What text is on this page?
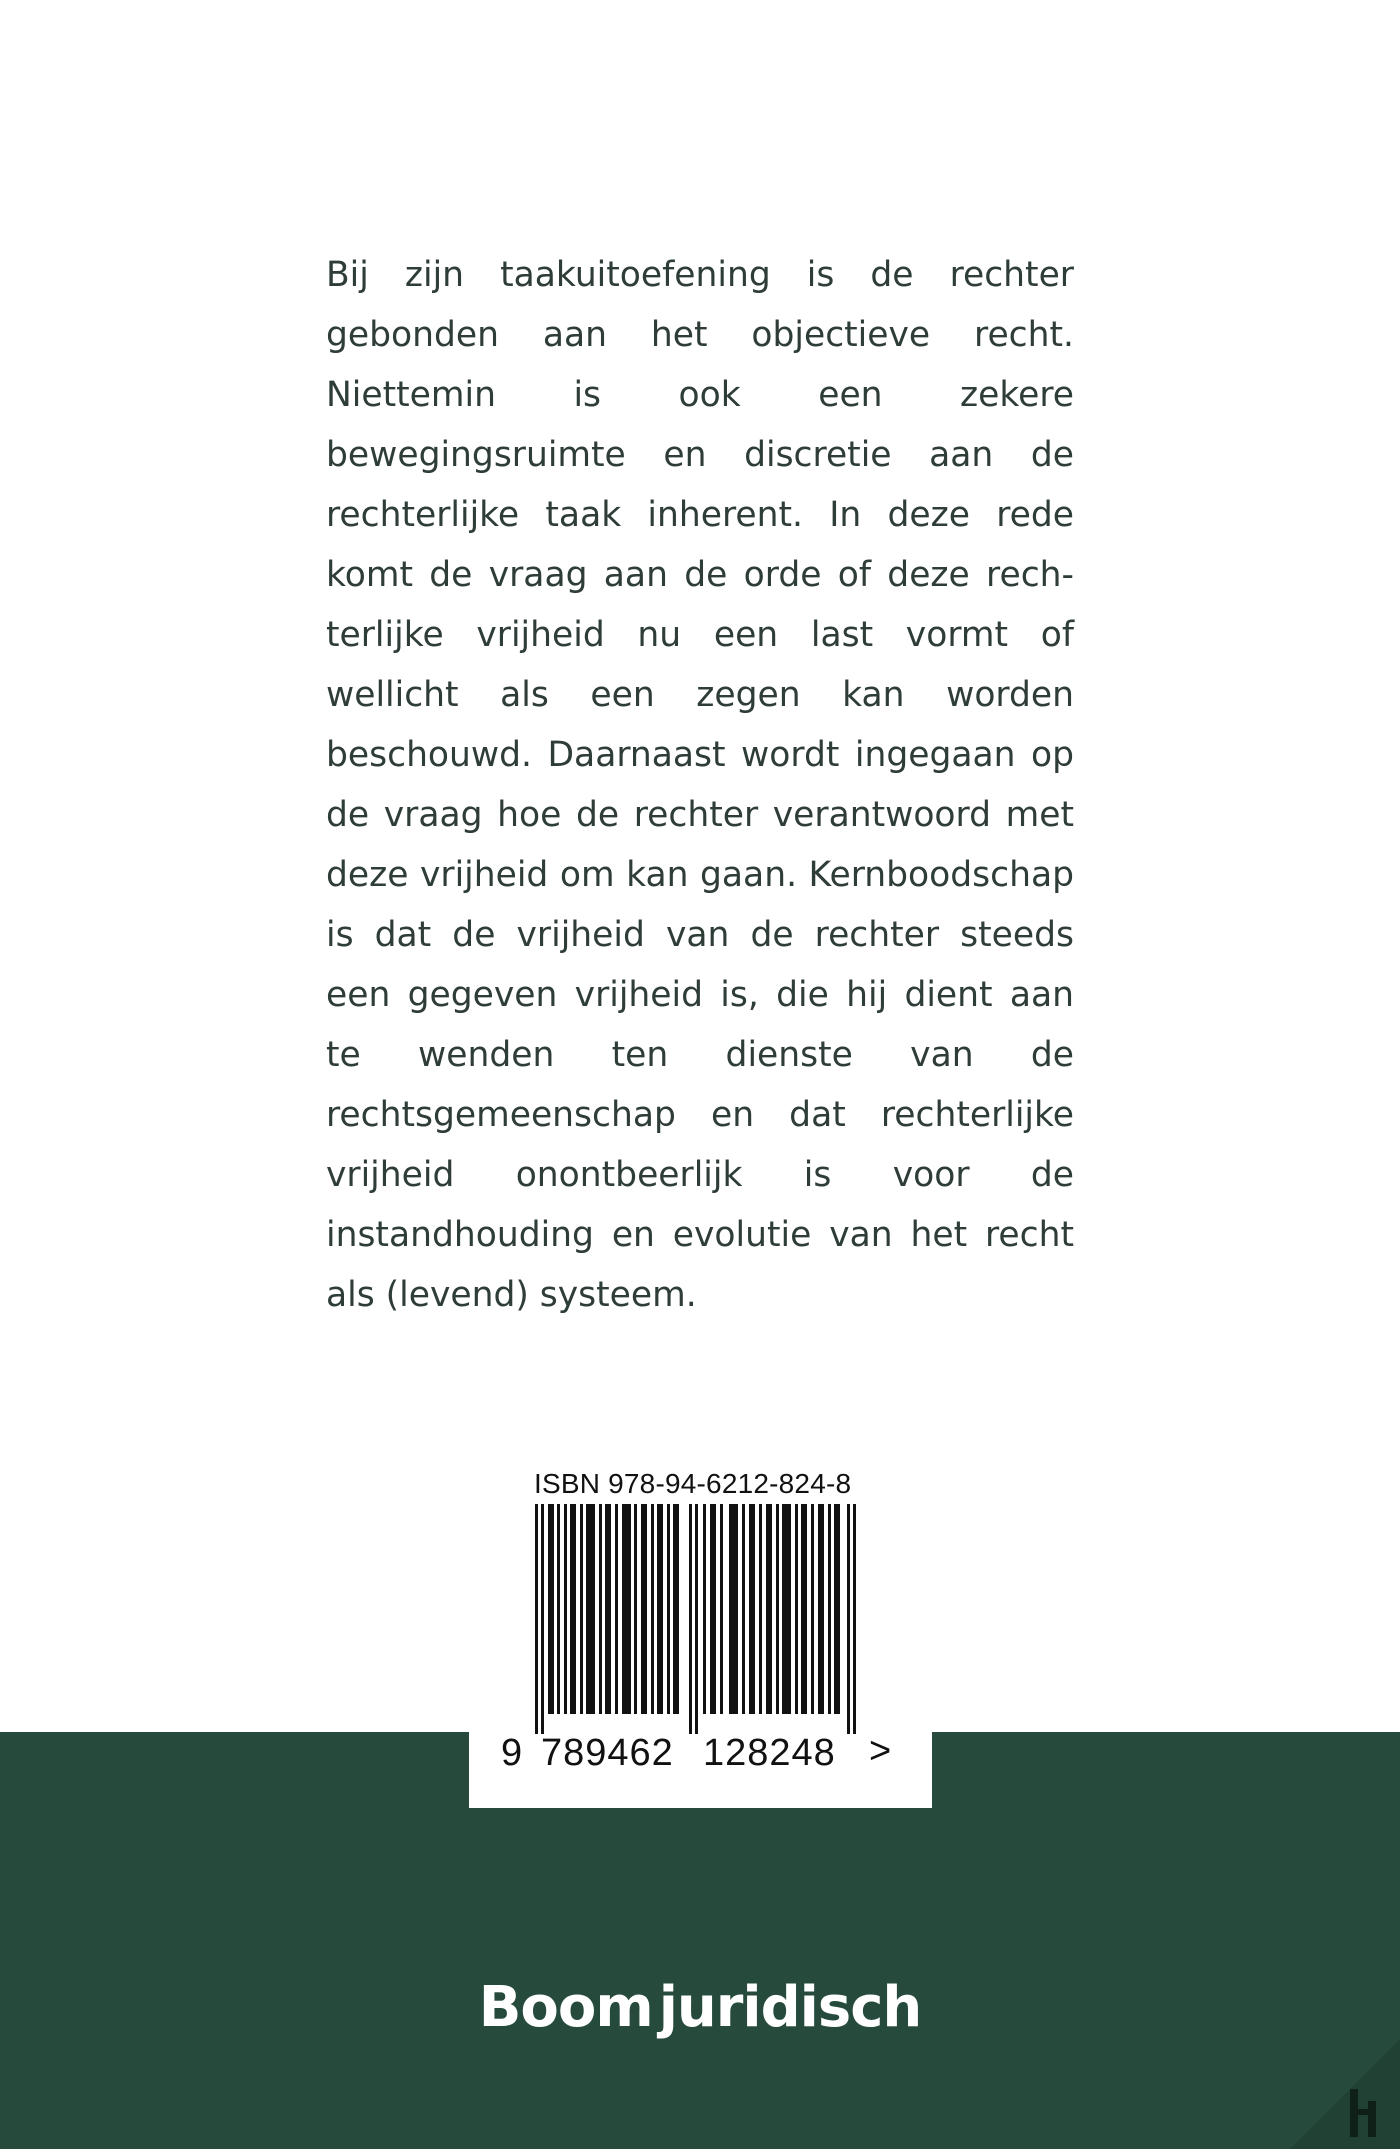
Bij zijn taakuitoefening is de rechter gebonden aan het objectieve recht. Niettemin is ook een zekere bewegingsruimte en discretie aan de rechterlijke taak inherent. In deze rede komt de vraag aan de orde of deze rechterlijke vrijheid nu een last vormt of wellicht als een zegen kan worden beschouwd. Daarnaast wordt ingegaan op de vraag hoe de rechter verantwoord met deze vrijheid om kan gaan. Kernboodschap is dat de vrijheid van de rechter steeds een gegeven vrijheid is, die hij dient aan te wenden ten dienste van de rechtsgemeenschap en dat rechterlijke vrijheid onontbeerlijk is voor de instandhouding en evolutie van het recht als (levend) systeem.

ISBN 978-94-6212-824-8
9 789462 128248 >
Boom juridisch
